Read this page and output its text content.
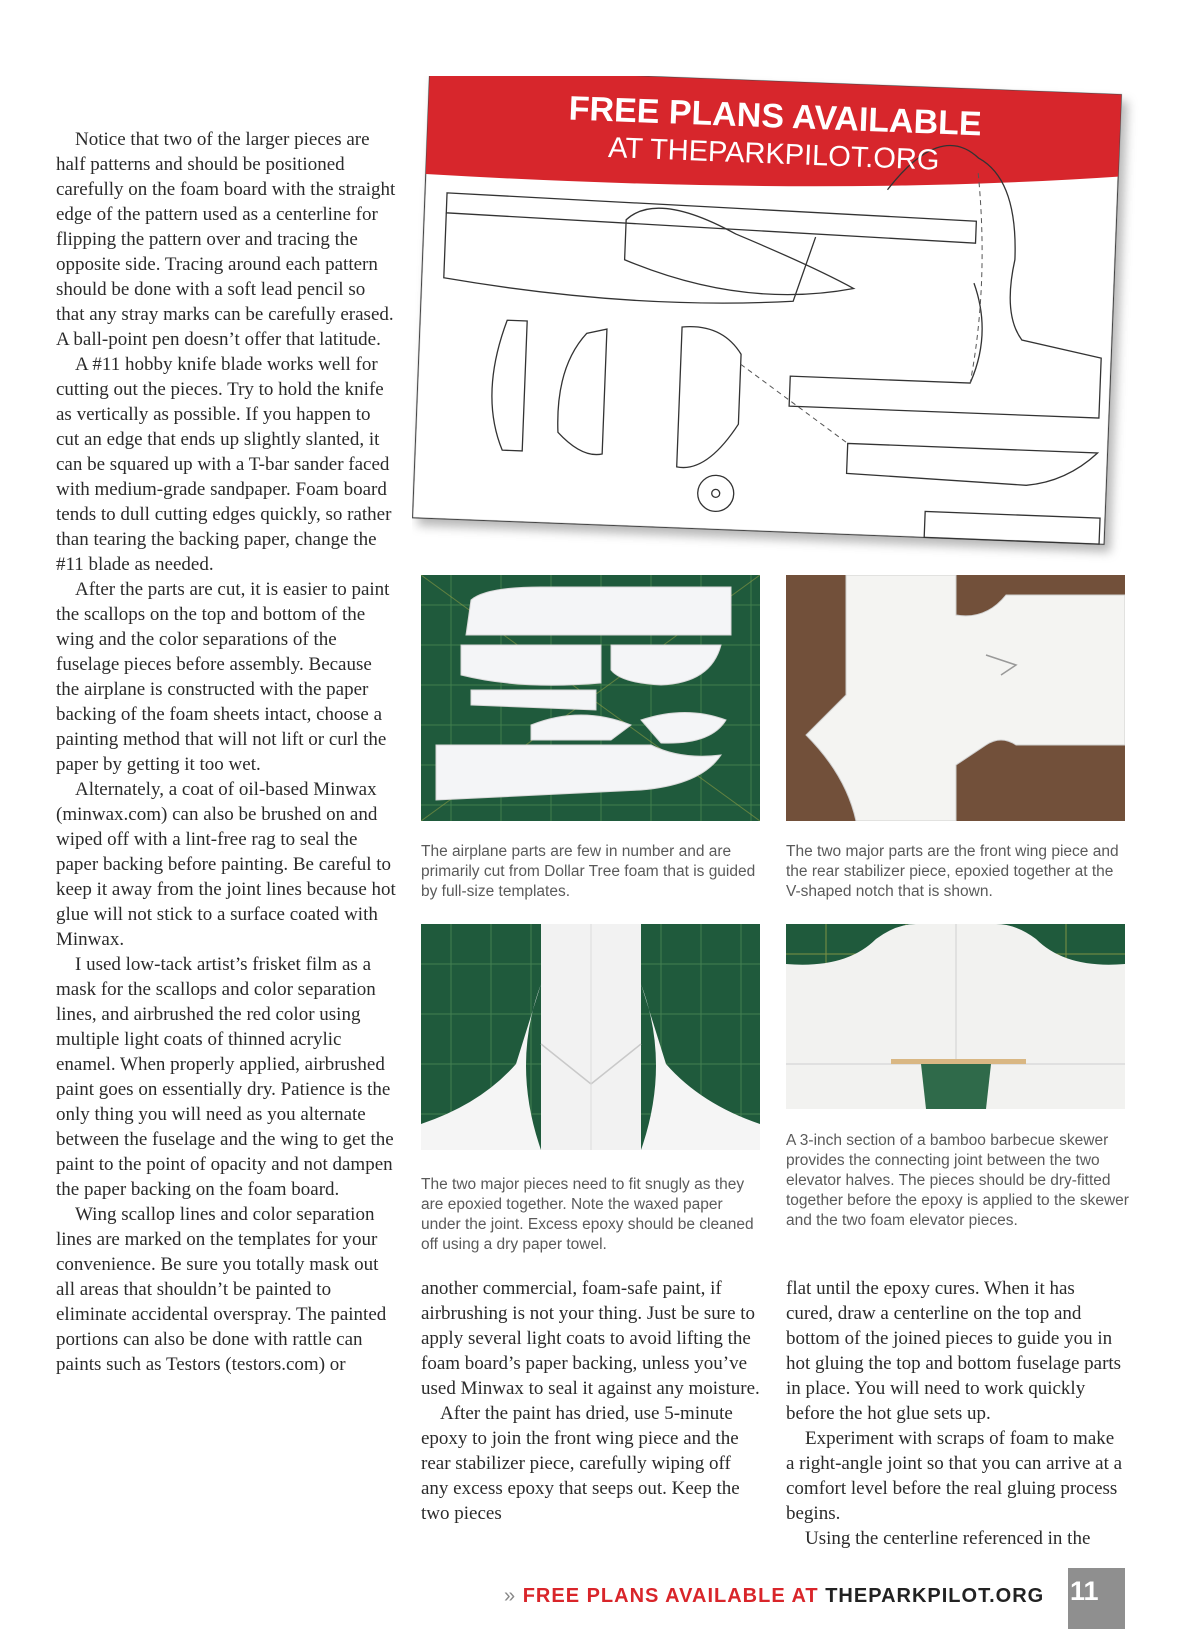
Notice that two of the larger pieces are half patterns and should be positioned carefully on the foam board with the straight edge of the pattern used as a centerline for flipping the pattern over and tracing the opposite side. Tracing around each pattern should be done with a soft lead pencil so that any stray marks can be carefully erased. A ball-point pen doesn’t offer that latitude.

A #11 hobby knife blade works well for cutting out the pieces. Try to hold the knife as vertically as possible. If you happen to cut an edge that ends up slightly slanted, it can be squared up with a T-bar sander faced with medium-grade sandpaper. Foam board tends to dull cutting edges quickly, so rather than tearing the backing paper, change the #11 blade as needed.

After the parts are cut, it is easier to paint the scallops on the top and bottom of the wing and the color separations of the fuselage pieces before assembly. Because the airplane is constructed with the paper backing of the foam sheets intact, choose a painting method that will not lift or curl the paper by getting it too wet.

Alternately, a coat of oil-based Minwax (minwax.com) can also be brushed on and wiped off with a lint-free rag to seal the paper backing before painting. Be careful to keep it away from the joint lines because hot glue will not stick to a surface coated with Minwax.

I used low-tack artist’s frisket film as a mask for the scallops and color separation lines, and airbrushed the red color using multiple light coats of thinned acrylic enamel. When properly applied, airbrushed paint goes on essentially dry. Patience is the only thing you will need as you alternate between the fuselage and the wing to get the paint to the point of opacity and not dampen the paper backing on the foam board.

Wing scallop lines and color separation lines are marked on the templates for your convenience. Be sure you totally mask out all areas that shouldn’t be painted to eliminate accidental overspray. The painted portions can also be done with rattle can paints such as Testors (testors.com) or

FREE PLANS AVAILABLE
AT THEPARKPILOT.ORG
The airplane parts are few in number and are primarily cut from Dollar Tree foam that is guided by full-size templates.
The two major parts are the front wing piece and the rear stabilizer piece, epoxied together at the V-shaped notch that is shown.
The two major pieces need to fit snugly as they are epoxied together. Note the waxed paper under the joint. Excess epoxy should be cleaned off using a dry paper towel.
A 3-inch section of a bamboo barbecue skewer provides the connecting joint between the two elevator halves. The pieces should be dry-fitted together before the epoxy is applied to the skewer and the two foam elevator pieces.

another commercial, foam-safe paint, if airbrushing is not your thing. Just be sure to apply several light coats to avoid lifting the foam board’s paper backing, unless you’ve used Minwax to seal it against any moisture.

After the paint has dried, use 5-minute epoxy to join the front wing piece and the rear stabilizer piece, carefully wiping off any excess epoxy that seeps out. Keep the two pieces

flat until the epoxy cures. When it has cured, draw a centerline on the top and bottom of the joined pieces to guide you in hot gluing the top and bottom fuselage parts in place. You will need to work quickly before the hot glue sets up.

Experiment with scraps of foam to make a right-angle joint so that you can arrive at a comfort level before the real gluing process begins.

Using the centerline referenced in the

» FREE PLANS AVAILABLE AT THEPARKPILOT.ORG 11
